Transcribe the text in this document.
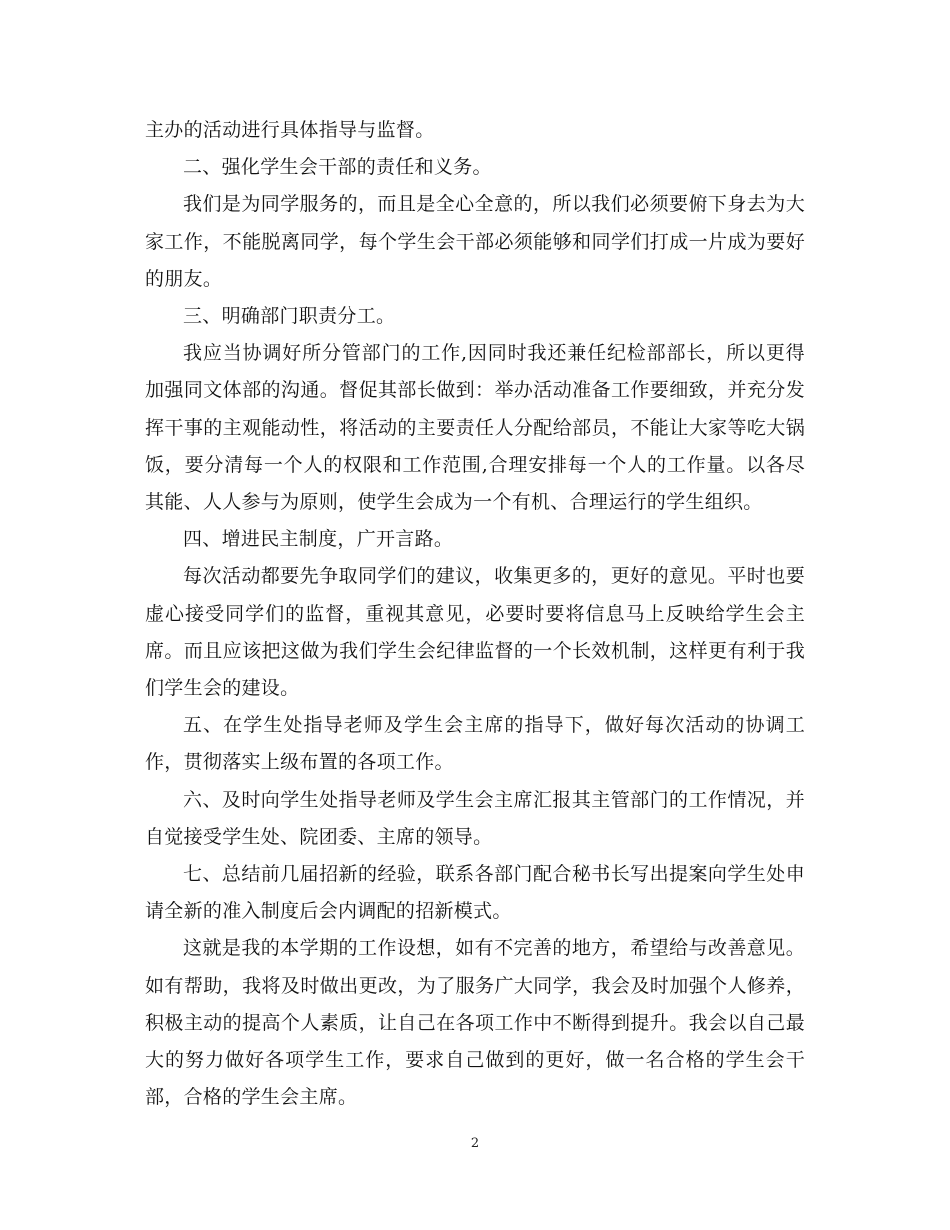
主办的活动进行具体指导与监督。

二、强化学生会干部的责任和义务。

我们是为同学服务的，而且是全心全意的，所以我们必须要俯下身去为大家工作，不能脱离同学，每个学生会干部必须能够和同学们打成一片成为要好的朋友。

三、明确部门职责分工。

我应当协调好所分管部门的工作,因同时我还兼任纪检部部长，所以更得加强同文体部的沟通。督促其部长做到：举办活动准备工作要细致，并充分发挥干事的主观能动性，将活动的主要责任人分配给部员，不能让大家等吃大锅饭，要分清每一个人的权限和工作范围,合理安排每一个人的工作量。以各尽其能、人人参与为原则，使学生会成为一个有机、合理运行的学生组织。

四、增进民主制度，广开言路。

每次活动都要先争取同学们的建议，收集更多的，更好的意见。平时也要虚心接受同学们的监督，重视其意见，必要时要将信息马上反映给学生会主席。而且应该把这做为我们学生会纪律监督的一个长效机制，这样更有利于我们学生会的建设。

五、在学生处指导老师及学生会主席的指导下，做好每次活动的协调工作，贯彻落实上级布置的各项工作。

六、及时向学生处指导老师及学生会主席汇报其主管部门的工作情况，并自觉接受学生处、院团委、主席的领导。

七、总结前几届招新的经验，联系各部门配合秘书长写出提案向学生处申请全新的准入制度后会内调配的招新模式。

这就是我的本学期的工作设想，如有不完善的地方，希望给与改善意见。如有帮助，我将及时做出更改，为了服务广大同学，我会及时加强个人修养，积极主动的提高个人素质，让自己在各项工作中不断得到提升。我会以自己最大的努力做好各项学生工作，要求自己做到的更好，做一名合格的学生会干部，合格的学生会主席。

2
